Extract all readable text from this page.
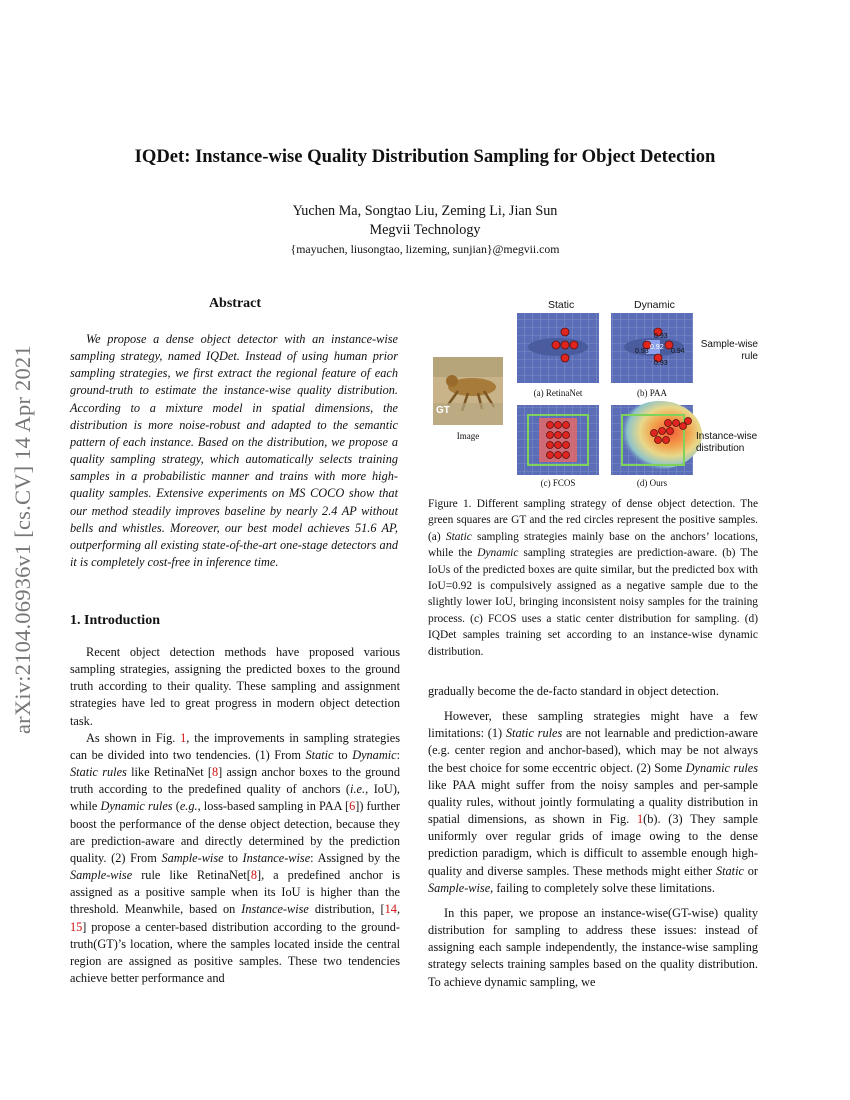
arXiv:2104.06936v1 [cs.CV] 14 Apr 2021
IQDet: Instance-wise Quality Distribution Sampling for Object Detection
Yuchen Ma, Songtao Liu, Zeming Li, Jian Sun
Megvii Technology
{mayuchen, liusongtao, lizeming, sunjian}@megvii.com
Abstract

We propose a dense object detector with an instance-wise sampling strategy, named IQDet. Instead of using human prior sampling strategies, we first extract the regional feature of each ground-truth to estimate the instance-wise quality distribution. According to a mixture model in spatial dimensions, the distribution is more noise-robust and adapted to the semantic pattern of each instance. Based on the distribution, we propose a quality sampling strategy, which automatically selects training samples in a probabilistic manner and trains with more high-quality samples. Extensive experiments on MS COCO show that our method steadily improves baseline by nearly 2.4 AP without bells and whistles. Moreover, our best model achieves 51.6 AP, outperforming all existing state-of-the-art one-stage detectors and it is completely cost-free in inference time.

1. Introduction

Recent object detection methods have proposed various sampling strategies, assigning the predicted boxes to the ground truth according to their quality. These sampling and assignment strategies have led to great progress in modern object detection task.

As shown in Fig. 1, the improvements in sampling strategies can be divided into two tendencies. (1) From Static to Dynamic: Static rules like RetinaNet [8] assign anchor boxes to the ground truth according to the predefined quality of anchors (i.e., IoU), while Dynamic rules (e.g., loss-based sampling in PAA [6]) further boost the performance of the dense object detection, because they are prediction-aware and directly determined by the prediction quality. (2) From Sample-wise to Instance-wise: Assigned by the Sample-wise rule like RetinaNet[8], a predefined anchor is assigned as a positive sample when its IoU is higher than the threshold. Meanwhile, based on Instance-wise distribution, [14, 15] propose a center-based distribution according to the ground-truth(GT)’s location, where the samples located inside the central region are assigned as positive samples. These two tendencies achieve better performance and

0.93
0.92
0.94
0.93
0.93
Static	Dynamic
Sample-wise rule
Instance-wise distribution
GT
Image
(a) RetinaNet	(b) PAA
(c) FCOS	(d) Ours

Figure 1. Different sampling strategy of dense object detection. The green squares are GT and the red circles represent the positive samples. (a) Static sampling strategies mainly base on the anchors’ locations, while the Dynamic sampling strategies are prediction-aware. (b) The IoUs of the predicted boxes are quite similar, but the predicted box with IoU=0.92 is compulsively assigned as a negative sample due to the slightly lower IoU, bringing inconsistent noisy samples for the training process. (c) FCOS uses a static center distribution for sampling. (d) IQDet samples training set according to an instance-wise dynamic distribution.

gradually become the de-facto standard in object detection.

However, these sampling strategies might have a few limitations: (1) Static rules are not learnable and prediction-aware (e.g. center region and anchor-based), which may be not always the best choice for some eccentric object. (2) Some Dynamic rules like PAA might suffer from the noisy samples and per-sample quality rules, without jointly formulating a quality distribution in spatial dimensions, as shown in Fig. 1(b). (3) They sample uniformly over regular grids of image owing to the dense prediction paradigm, which is difficult to assemble enough high-quality and diverse samples. These methods might either Static or Sample-wise, failing to completely solve these limitations.

In this paper, we propose an instance-wise(GT-wise) quality distribution for sampling to address these issues: instead of assigning each sample independently, the instance-wise sampling strategy selects training samples based on the quality distribution. To achieve dynamic sampling, we
